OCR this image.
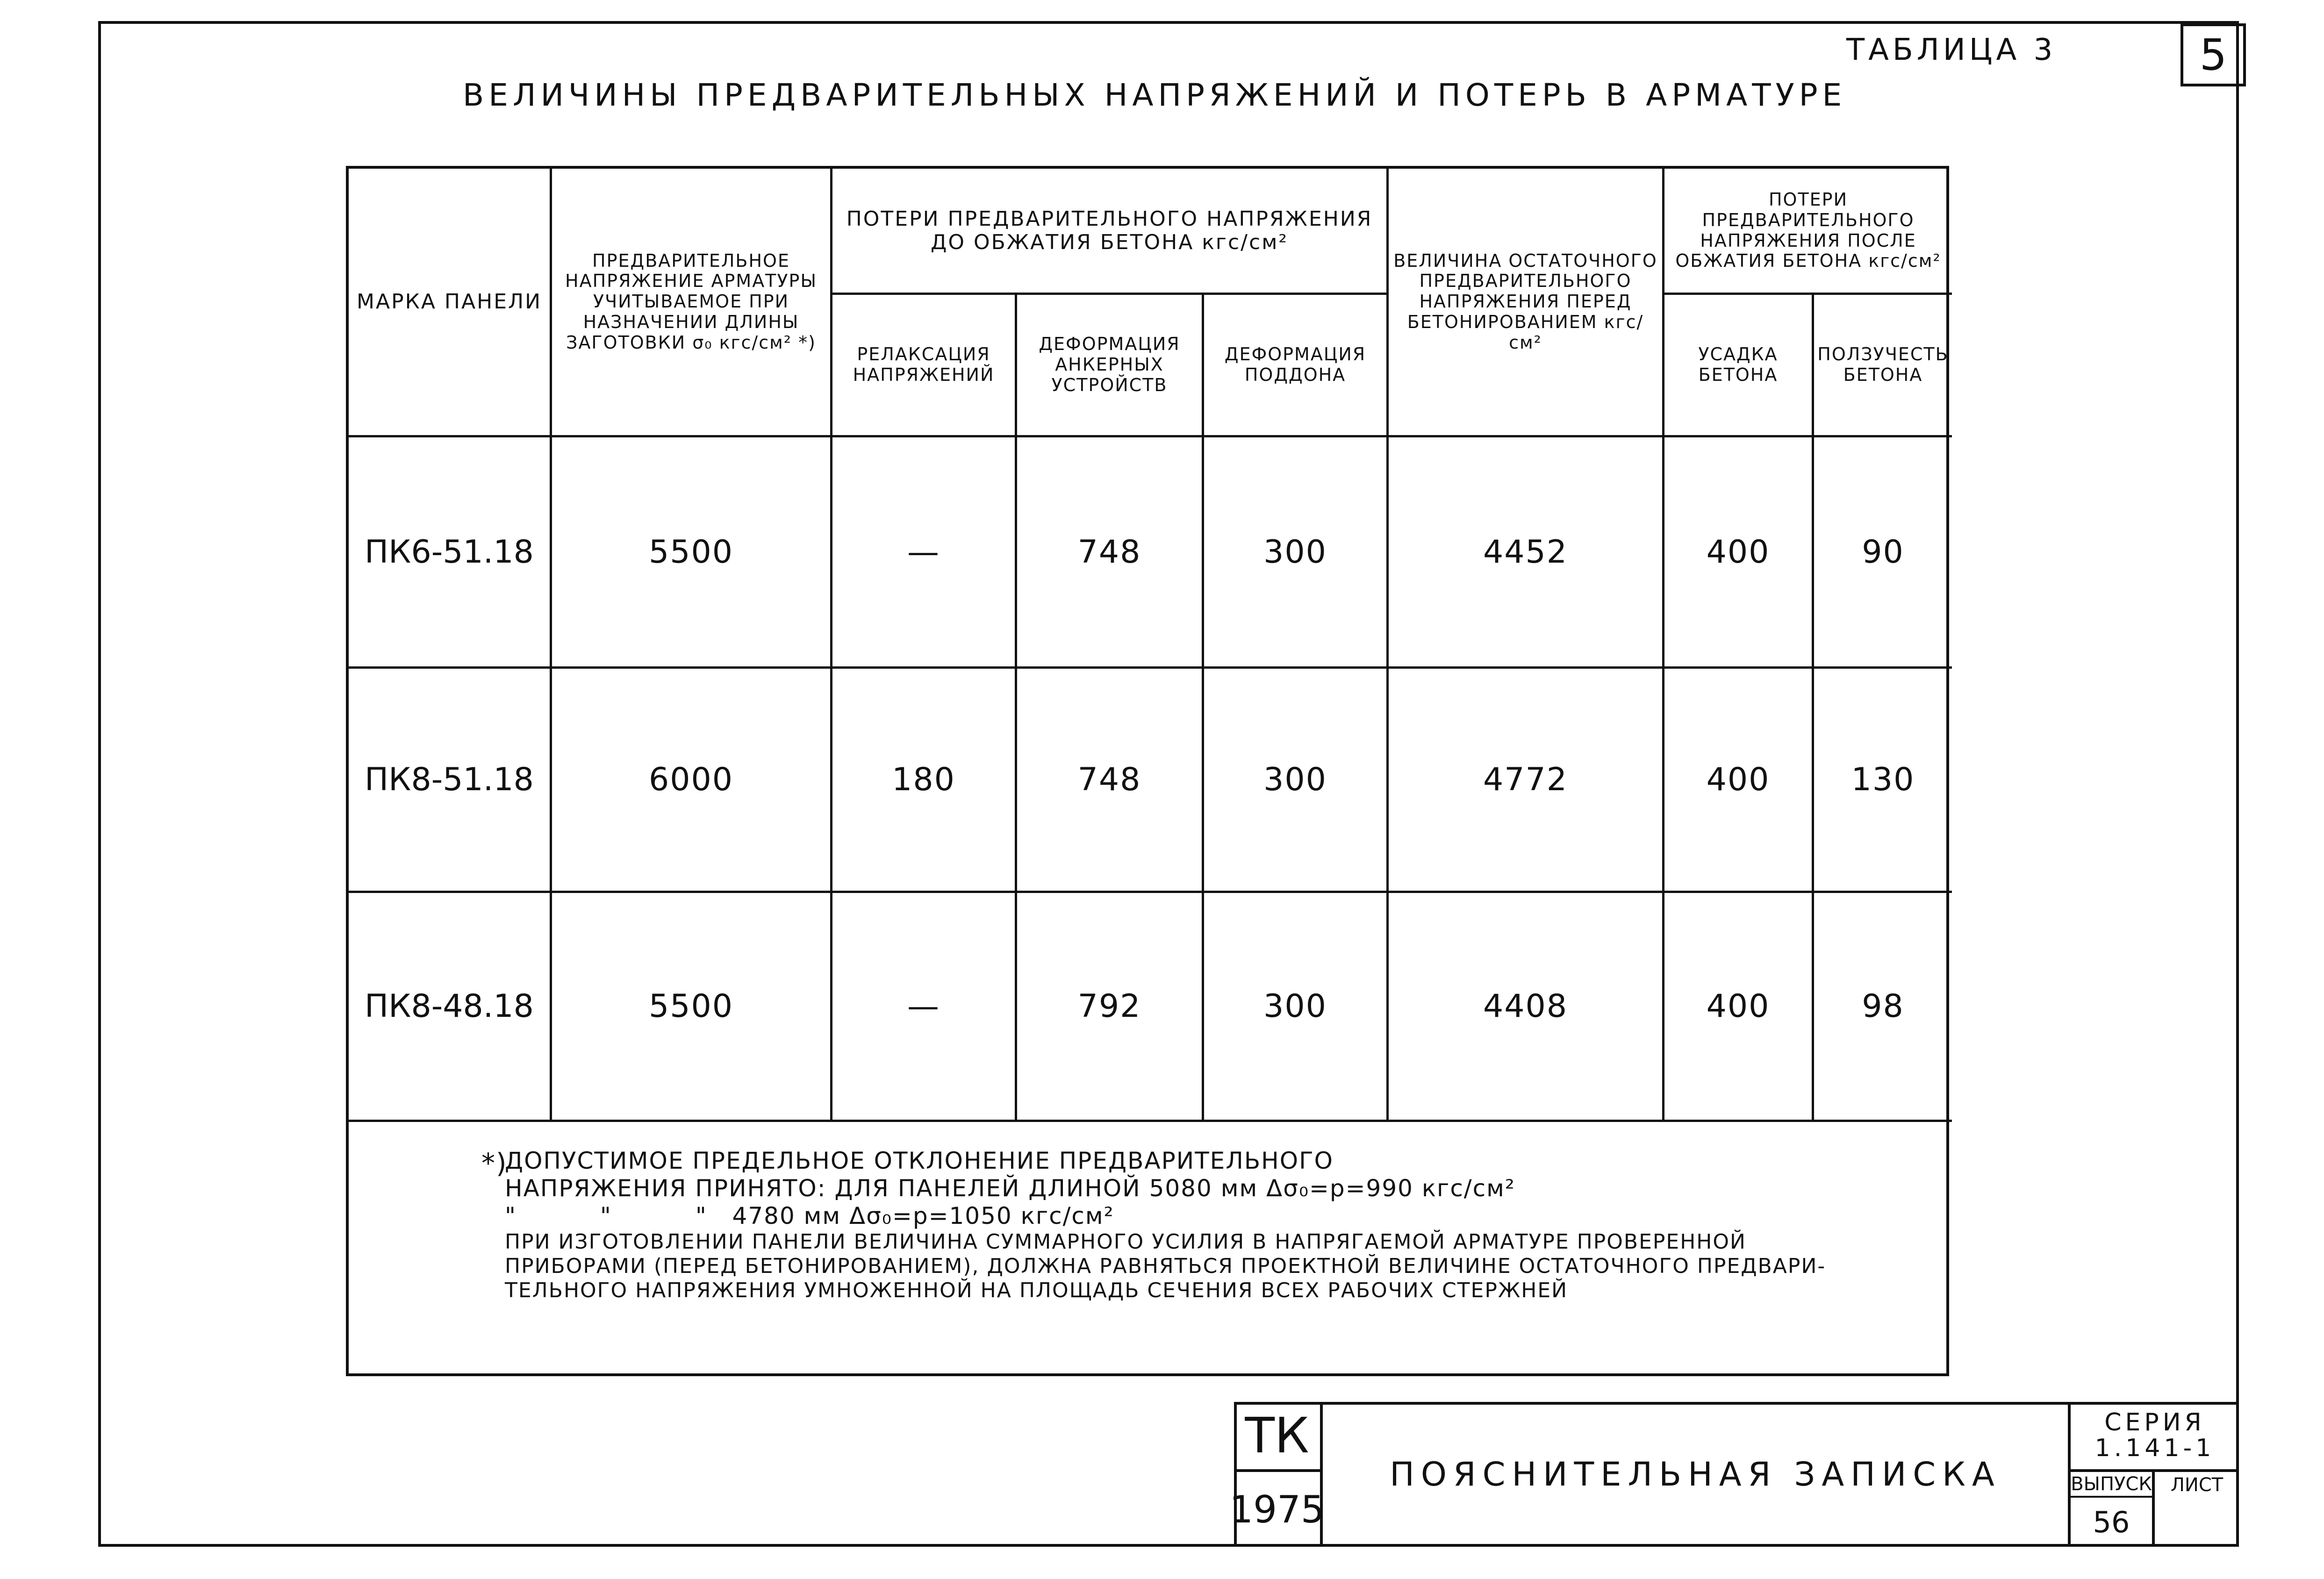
5
ТАБЛИЦА 3
ВЕЛИЧИНЫ ПРЕДВАРИТЕЛЬНЫХ НАПРЯЖЕНИЙ И ПОТЕРЬ В АРМАТУРЕ
МАРКА ПАНЕЛИ
ПРЕДВАРИТЕЛЬНОЕ НАПРЯЖЕНИЕ АРМАТУРЫ УЧИТЫВАЕМОЕ ПРИ НАЗНАЧЕНИИ ДЛИНЫ ЗАГОТОВКИ σ₀ кгс/см² *)
ПОТЕРИ ПРЕДВАРИТЕЛЬНОГО НАПРЯЖЕНИЯ ДО ОБЖАТИЯ БЕТОНА кгс/см²
РЕЛАКСАЦИЯ НАПРЯЖЕНИЙ
ДЕФОРМАЦИЯ АНКЕРНЫХ УСТРОЙСТВ
ДЕФОРМАЦИЯ ПОДДОНА
ВЕЛИЧИНА ОСТАТОЧНОГО ПРЕДВАРИТЕЛЬНОГО НАПРЯЖЕНИЯ ПЕРЕД БЕТОНИРОВАНИЕМ кгс/см²
ПОТЕРИ ПРЕДВАРИТЕЛЬНОГО НАПРЯЖЕНИЯ ПОСЛЕ ОБЖАТИЯ БЕТОНА кгс/см²
УСАДКА БЕТОНА
ПОЛЗУЧЕСТЬ БЕТОНА
ПК6-51.18	5500	—	748	300	4452	400	90
ПК8-51.18	6000	180	748	300	4772	400	130
ПК8-48.18	5500	—	792	300	4408	400	98
*)

ДОПУСТИМОЕ ПРЕДЕЛЬНОЕ ОТКЛОНЕНИЕ ПРЕДВАРИТЕЛЬНОГО

НАПРЯЖЕНИЯ ПРИНЯТО: ДЛЯ ПАНЕЛЕЙ ДЛИНОЙ 5080 мм Δσ₀=p=990 кгс/см²

"          "          "   4780 мм Δσ₀=p=1050 кгс/см²

ПРИ ИЗГОТОВЛЕНИИ ПАНЕЛИ ВЕЛИЧИНА СУММАРНОГО УСИЛИЯ В НАПРЯГАЕМОЙ АРМАТУРЕ ПРОВЕРЕННОЙ

ПРИБОРАМИ (ПЕРЕД БЕТОНИРОВАНИЕМ), ДОЛЖНА РАВНЯТЬСЯ ПРОЕКТНОЙ ВЕЛИЧИНЕ ОСТАТОЧНОГО ПРЕДВАРИ-

ТЕЛЬНОГО НАПРЯЖЕНИЯ УМНОЖЕННОЙ НА ПЛОЩАДЬ СЕЧЕНИЯ ВСЕХ РАБОЧИХ СТЕРЖНЕЙ

ТК
1975
ПОЯСНИТЕЛЬНАЯ ЗАПИСКА
СЕРИЯ
1.141-1
ВЫПУСК
56
ЛИСТ
